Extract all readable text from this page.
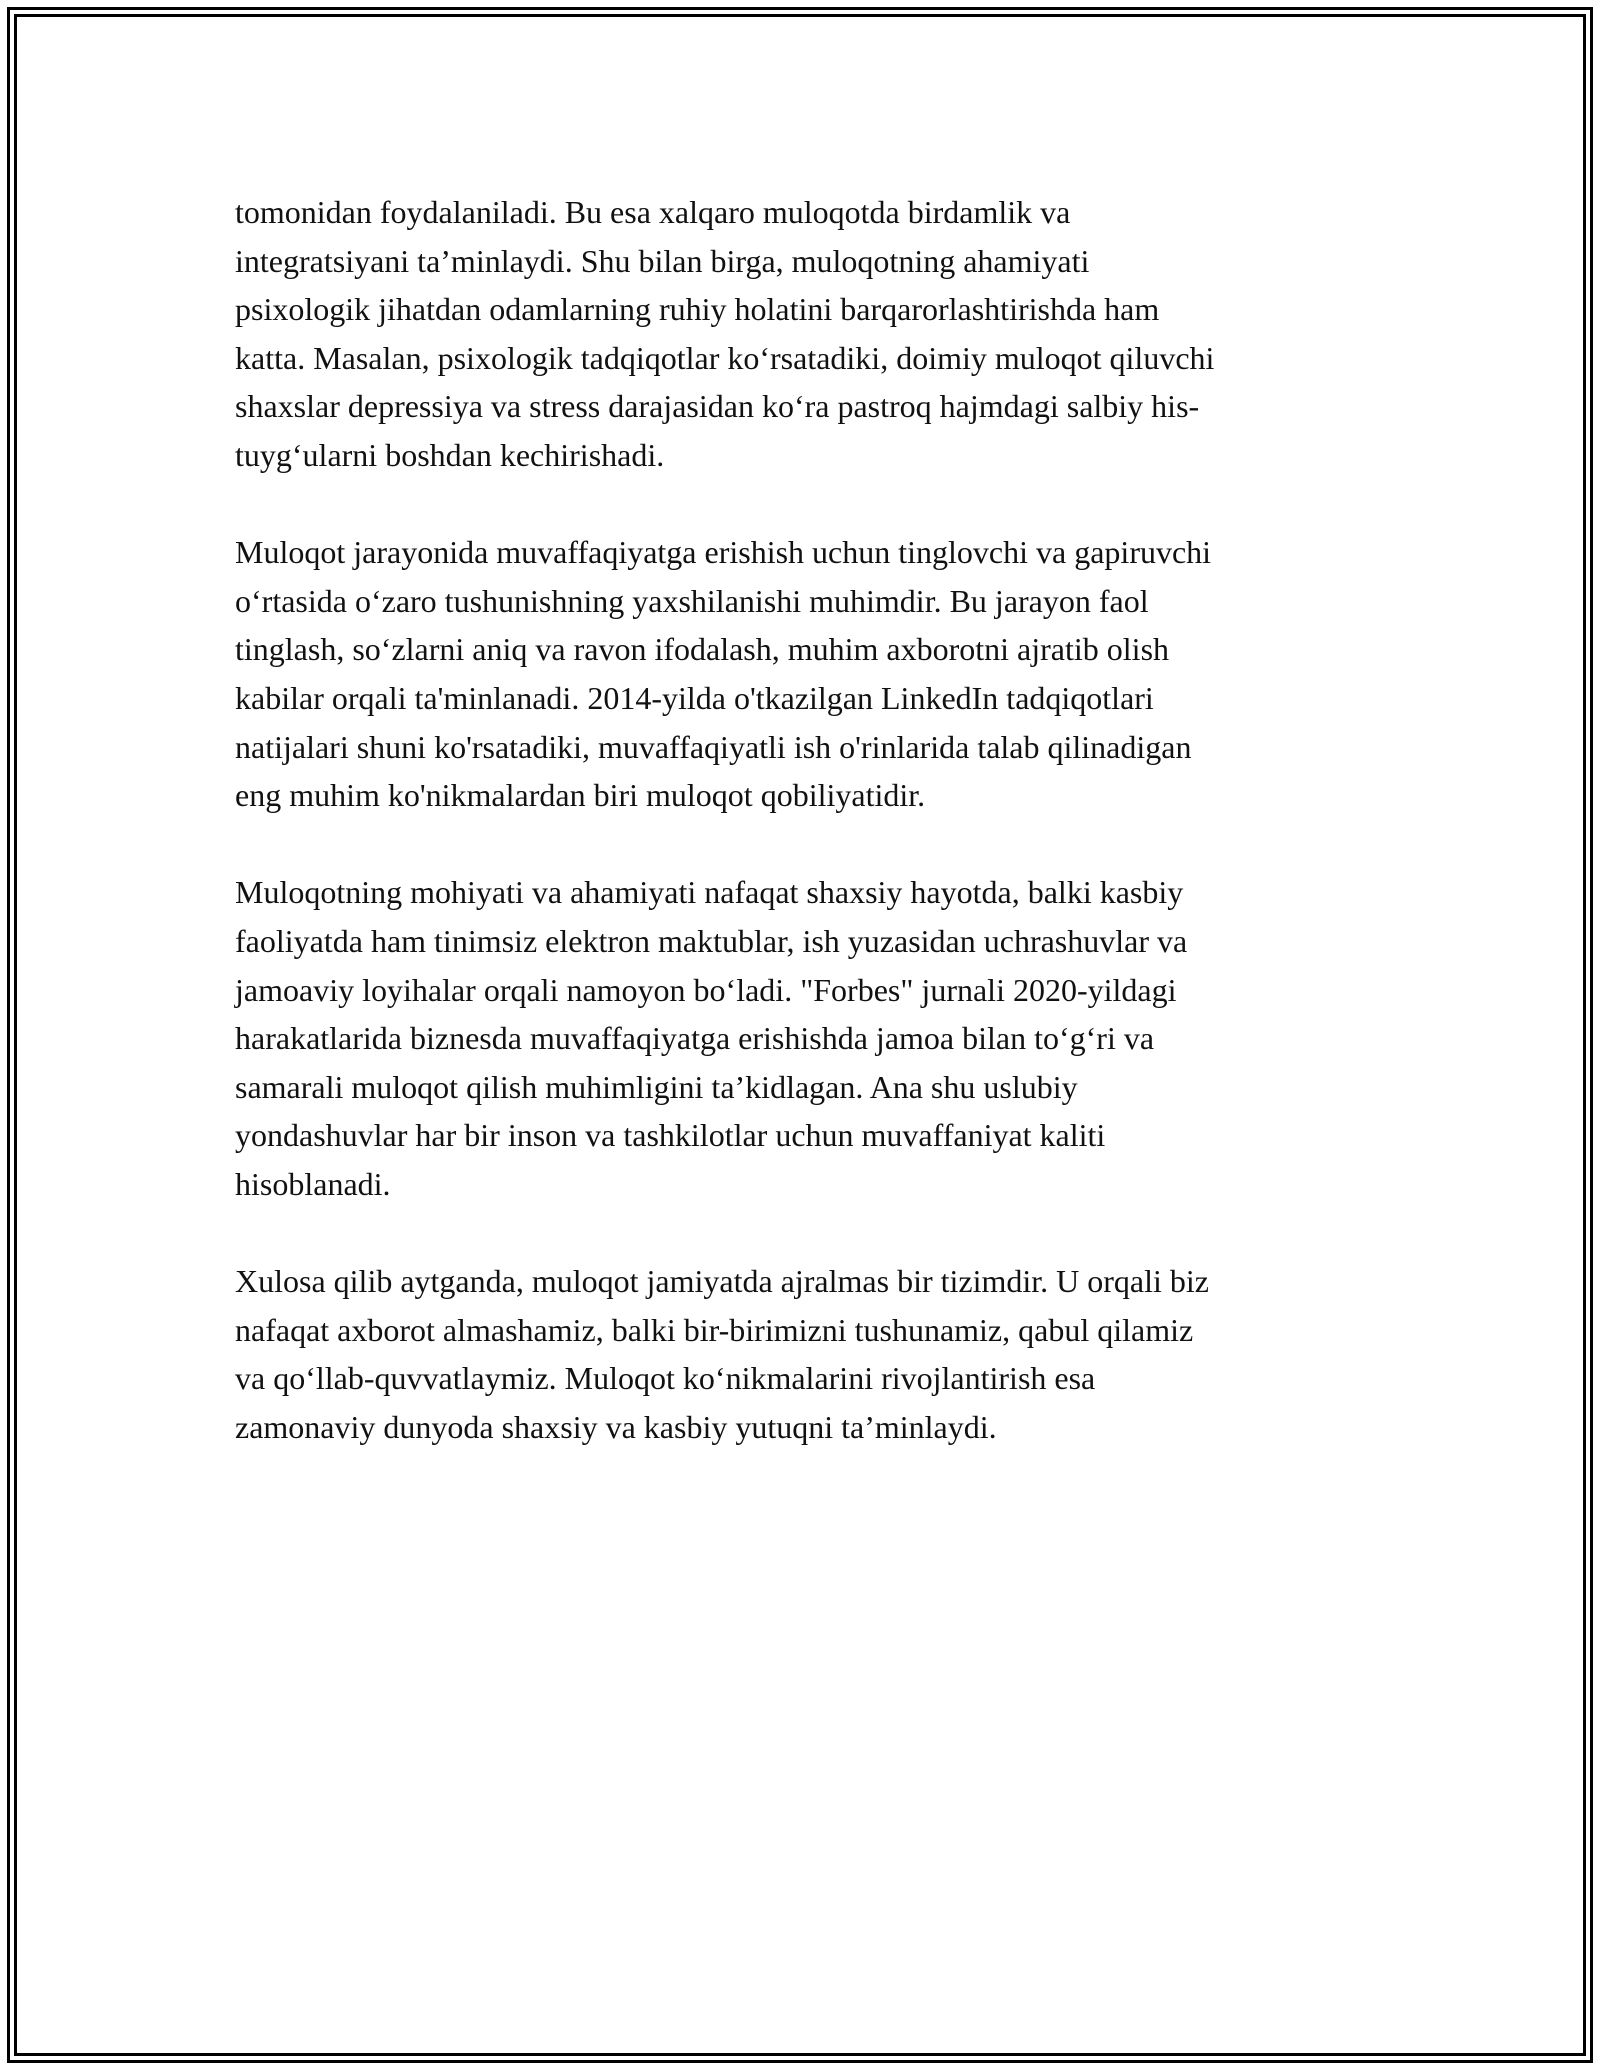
tomonidan foydalaniladi. Bu esa xalqaro muloqotda birdamlik va
integratsiyani ta’minlaydi. Shu bilan birga, muloqotning ahamiyati
psixologik jihatdan odamlarning ruhiy holatini barqarorlashtirishda ham
katta. Masalan, psixologik tadqiqotlar koʻrsatadiki, doimiy muloqot qiluvchi
shaxslar depressiya va stress darajasidan koʻra pastroq hajmdagi salbiy his-
tuygʻularni boshdan kechirishadi.

Muloqot jarayonida muvaffaqiyatga erishish uchun tinglovchi va gapiruvchi
oʻrtasida oʻzaro tushunishning yaxshilanishi muhimdir. Bu jarayon faol
tinglash, soʻzlarni aniq va ravon ifodalash, muhim axborotni ajratib olish
kabilar orqali ta'minlanadi. 2014-yilda o'tkazilgan LinkedIn tadqiqotlari
natijalari shuni ko'rsatadiki, muvaffaqiyatli ish o'rinlarida talab qilinadigan
eng muhim ko'nikmalardan biri muloqot qobiliyatidir.

Muloqotning mohiyati va ahamiyati nafaqat shaxsiy hayotda, balki kasbiy
faoliyatda ham tinimsiz elektron maktublar, ish yuzasidan uchrashuvlar va
jamoaviy loyihalar orqali namoyon boʻladi. "Forbes" jurnali 2020-yildagi
harakatlarida biznesda muvaffaqiyatga erishishda jamoa bilan toʻgʻri va
samarali muloqot qilish muhimligini ta’kidlagan. Ana shu uslubiy
yondashuvlar har bir inson va tashkilotlar uchun muvaffaniyat kaliti
hisoblanadi.

Xulosa qilib aytganda, muloqot jamiyatda ajralmas bir tizimdir. U orqali biz
nafaqat axborot almashamiz, balki bir-birimizni tushunamiz, qabul qilamiz
va qoʻllab-quvvatlaymiz. Muloqot koʻnikmalarini rivojlantirish esa
zamonaviy dunyoda shaxsiy va kasbiy yutuqni ta’minlaydi.
